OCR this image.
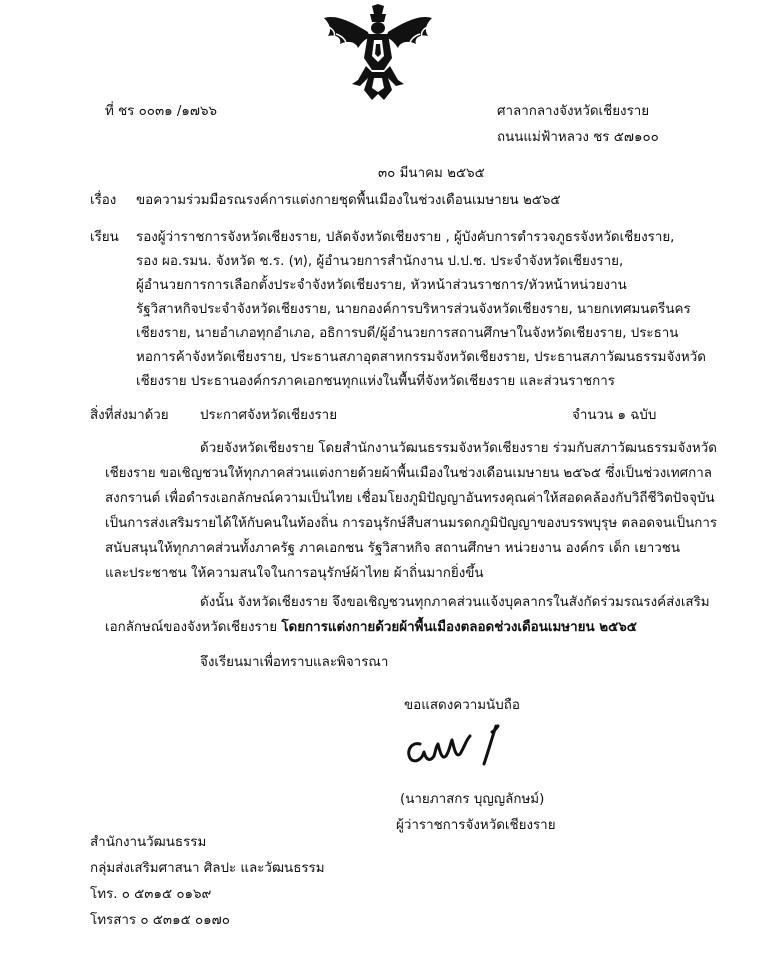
ที่ ชร ๐๐๓๑ /๑๗๖๖	ศาลากลางจังหวัดเชียงราย
ถนนแม่ฟ้าหลวง ชร ๕๗๑๐๐
๓๐ มีนาคม ๒๕๖๕
เรื่อง ขอความร่วมมือรณรงค์การแต่งกายชุดพื้นเมืองในช่วงเดือนเมษายน ๒๕๖๕
เรียน รองผู้ว่าราชการจังหวัดเชียงราย, ปลัดจังหวัดเชียงราย , ผู้บังคับการตำรวจภูธรจังหวัดเชียงราย,
รอง ผอ.รมน. จังหวัด ช.ร. (ท), ผู้อำนวยการสำนักงาน ป.ป.ช. ประจำจังหวัดเชียงราย,
ผู้อำนวยการการเลือกตั้งประจำจังหวัดเชียงราย, หัวหน้าส่วนราชการ/หัวหน้าหน่วยงาน
รัฐวิสาหกิจประจำจังหวัดเชียงราย, นายกองค์การบริหารส่วนจังหวัดเชียงราย, นายกเทศมนตรีนคร
เชียงราย, นายอำเภอทุกอำเภอ, อธิการบดี/ผู้อำนวยการสถานศึกษาในจังหวัดเชียงราย, ประธาน
หอการค้าจังหวัดเชียงราย, ประธานสภาอุตสาหกรรมจังหวัดเชียงราย, ประธานสภาวัฒนธรรมจังหวัด
เชียงราย ประธานองค์กรภาคเอกชนทุกแห่งในพื้นที่จังหวัดเชียงราย และส่วนราชการ
สิ่งที่ส่งมาด้วย ประกาศจังหวัดเชียงราย	จำนวน ๑ ฉบับ
ด้วยจังหวัดเชียงราย โดยสำนักงานวัฒนธรรมจังหวัดเชียงราย ร่วมกับสภาวัฒนธรรมจังหวัด
เชียงราย ขอเชิญชวนให้ทุกภาคส่วนแต่งกายด้วยผ้าพื้นเมืองในช่วงเดือนเมษายน ๒๕๖๕ ซึ่งเป็นช่วงเทศกาล
สงกรานต์ เพื่อดำรงเอกลักษณ์ความเป็นไทย เชื่อมโยงภูมิปัญญาอันทรงคุณค่าให้สอดคล้องกับวิถีชีวิตปัจจุบัน
เป็นการส่งเสริมรายได้ให้กับคนในท้องถิ่น การอนุรักษ์สืบสานมรดกภูมิปัญญาของบรรพบุรุษ ตลอดจนเป็นการ
สนับสนุนให้ทุกภาคส่วนทั้งภาครัฐ ภาคเอกชน รัฐวิสาหกิจ สถานศึกษา หน่วยงาน องค์กร เด็ก เยาวชน
และประชาชน ให้ความสนใจในการอนุรักษ์ผ้าไทย ผ้าถิ่นมากยิ่งขึ้น
ดังนั้น จังหวัดเชียงราย จึงขอเชิญชวนทุกภาคส่วนแจ้งบุคลากรในสังกัดร่วมรณรงค์ส่งเสริม
เอกลักษณ์ของจังหวัดเชียงราย โดยการแต่งกายด้วยผ้าพื้นเมืองตลอดช่วงเดือนเมษายน ๒๕๖๕
จึงเรียนมาเพื่อทราบและพิจารณา
ขอแสดงความนับถือ
(นายภาสกร บุญญลักษม์)
ผู้ว่าราชการจังหวัดเชียงราย
สำนักงานวัฒนธรรม
กลุ่มส่งเสริมศาสนา ศิลปะ และวัฒนธรรม
โทร. ๐ ๕๓๑๕ ๐๑๖๙
โทรสาร ๐ ๕๓๑๕ ๐๑๗๐
